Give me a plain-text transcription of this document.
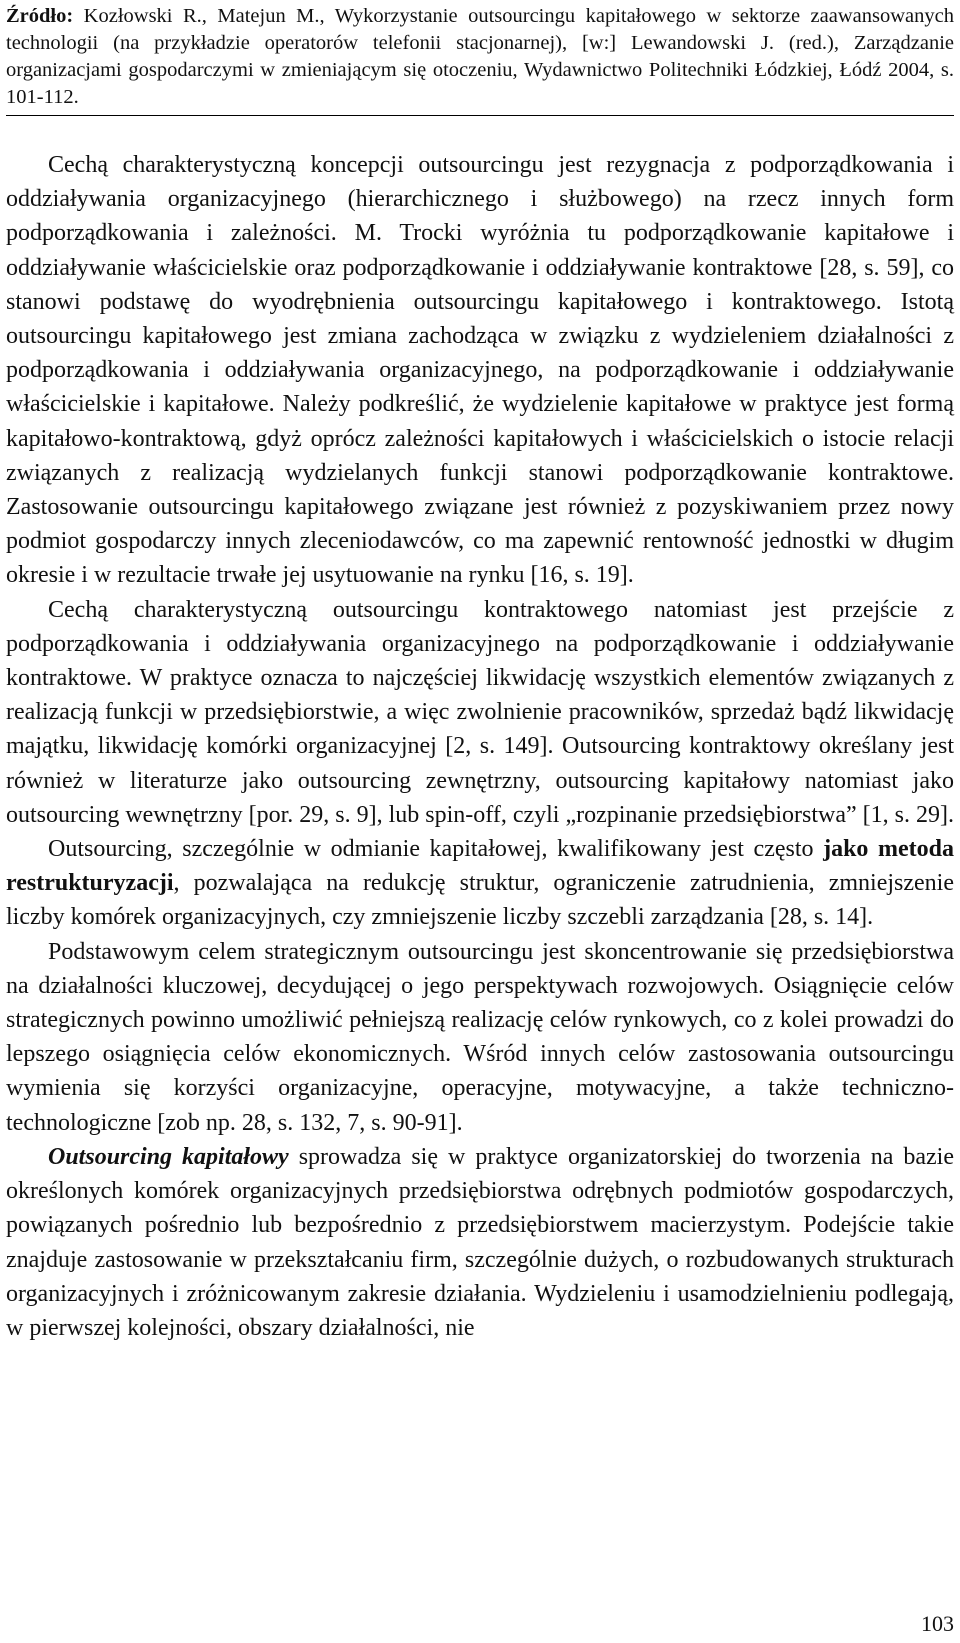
Źródło: Kozłowski R., Matejun M., Wykorzystanie outsourcingu kapitałowego w sektorze zaawansowanych technologii (na przykładzie operatorów telefonii stacjonarnej), [w:] Lewandowski J. (red.), Zarządzanie organizacjami gospodarczymi w zmieniającym się otoczeniu, Wydawnictwo Politechniki Łódzkiej, Łódź 2004, s. 101-112.

Cechą charakterystyczną koncepcji outsourcingu jest rezygnacja z podporządkowania i oddziaływania organizacyjnego (hierarchicznego i służbowego) na rzecz innych form podporządkowania i zależności. M. Trocki wyróżnia tu podporządkowanie kapitałowe i oddziaływanie właścicielskie oraz podporządkowanie i oddziaływanie kontraktowe [28, s. 59], co stanowi podstawę do wyodrębnienia outsourcingu kapitałowego i kontraktowego. Istotą outsourcingu kapitałowego jest zmiana zachodząca w związku z wydzieleniem działalności z podporządkowania i oddziaływania organizacyjnego, na podporządkowanie i oddziaływanie właścicielskie i kapitałowe. Należy podkreślić, że wydzielenie kapitałowe w praktyce jest formą kapitałowo-kontraktową, gdyż oprócz zależności kapitałowych i właścicielskich o istocie relacji związanych z realizacją wydzielanych funkcji stanowi podporządkowanie kontraktowe. Zastosowanie outsourcingu kapitałowego związane jest również z pozyskiwaniem przez nowy podmiot gospodarczy innych zleceniodawców, co ma zapewnić rentowność jednostki w długim okresie i w rezultacie trwałe jej usytuowanie na rynku [16, s. 19].

Cechą charakterystyczną outsourcingu kontraktowego natomiast jest przejście z podporządkowania i oddziaływania organizacyjnego na podporządkowanie i oddziaływanie kontraktowe. W praktyce oznacza to najczęściej likwidację wszystkich elementów związanych z realizacją funkcji w przedsiębiorstwie, a więc zwolnienie pracowników, sprzedaż bądź likwidację majątku, likwidację komórki organizacyjnej [2, s. 149]. Outsourcing kontraktowy określany jest również w literaturze jako outsourcing zewnętrzny, outsourcing kapitałowy natomiast jako outsourcing wewnętrzny [por. 29, s. 9], lub spin-off, czyli „rozpinanie przedsiębiorstwa” [1, s. 29].

Outsourcing, szczególnie w odmianie kapitałowej, kwalifikowany jest często jako metoda restrukturyzacji, pozwalająca na redukcję struktur, ograniczenie zatrudnienia, zmniejszenie liczby komórek organizacyjnych, czy zmniejszenie liczby szczebli zarządzania [28, s. 14].

Podstawowym celem strategicznym outsourcingu jest skoncentrowanie się przedsiębiorstwa na działalności kluczowej, decydującej o jego perspektywach rozwojowych. Osiągnięcie celów strategicznych powinno umożliwić pełniejszą realizację celów rynkowych, co z kolei prowadzi do lepszego osiągnięcia celów ekonomicznych. Wśród innych celów zastosowania outsourcingu wymienia się korzyści organizacyjne, operacyjne, motywacyjne, a także techniczno-technologiczne [zob np. 28, s. 132, 7, s. 90-91].

Outsourcing kapitałowy sprowadza się w praktyce organizatorskiej do tworzenia na bazie określonych komórek organizacyjnych przedsiębiorstwa odrębnych podmiotów gospodarczych, powiązanych pośrednio lub bezpośrednio z przedsiębiorstwem macierzystym. Podejście takie znajduje zastosowanie w przekształcaniu firm, szczególnie dużych, o rozbudowanych strukturach organizacyjnych i zróżnicowanym zakresie działania. Wydzieleniu i usamodzielnieniu podlegają, w pierwszej kolejności, obszary działalności, nie

103
